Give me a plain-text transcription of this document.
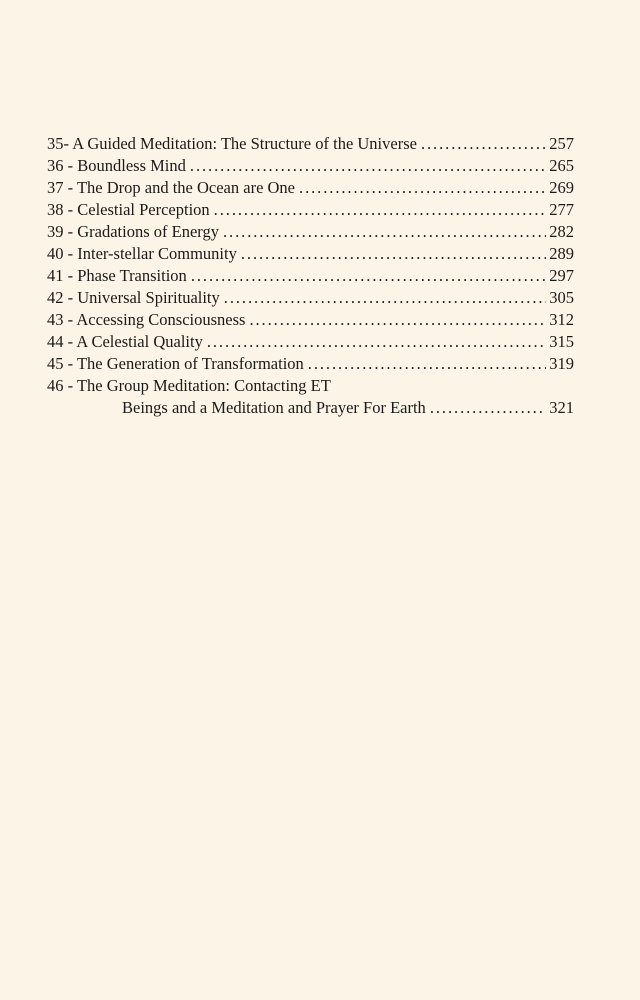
35- A Guided Meditation: The Structure of the Universe . . .	257
36 - Boundless Mind . . .	265
37 - The Drop and the Ocean are One . . .	269
38 - Celestial Perception . . .	277
39 - Gradations of Energy . . .	282
40 - Inter-stellar Community . . .	289
41 - Phase Transition . . .	297
42 - Universal Spirituality . . .	305
43 - Accessing Consciousness . . .	312
44 - A Celestial Quality . . .	315
45 - The Generation of Transformation . . .	319
46 - The Group Meditation: Contacting ET
Beings and a Meditation and Prayer For Earth . . .	321
